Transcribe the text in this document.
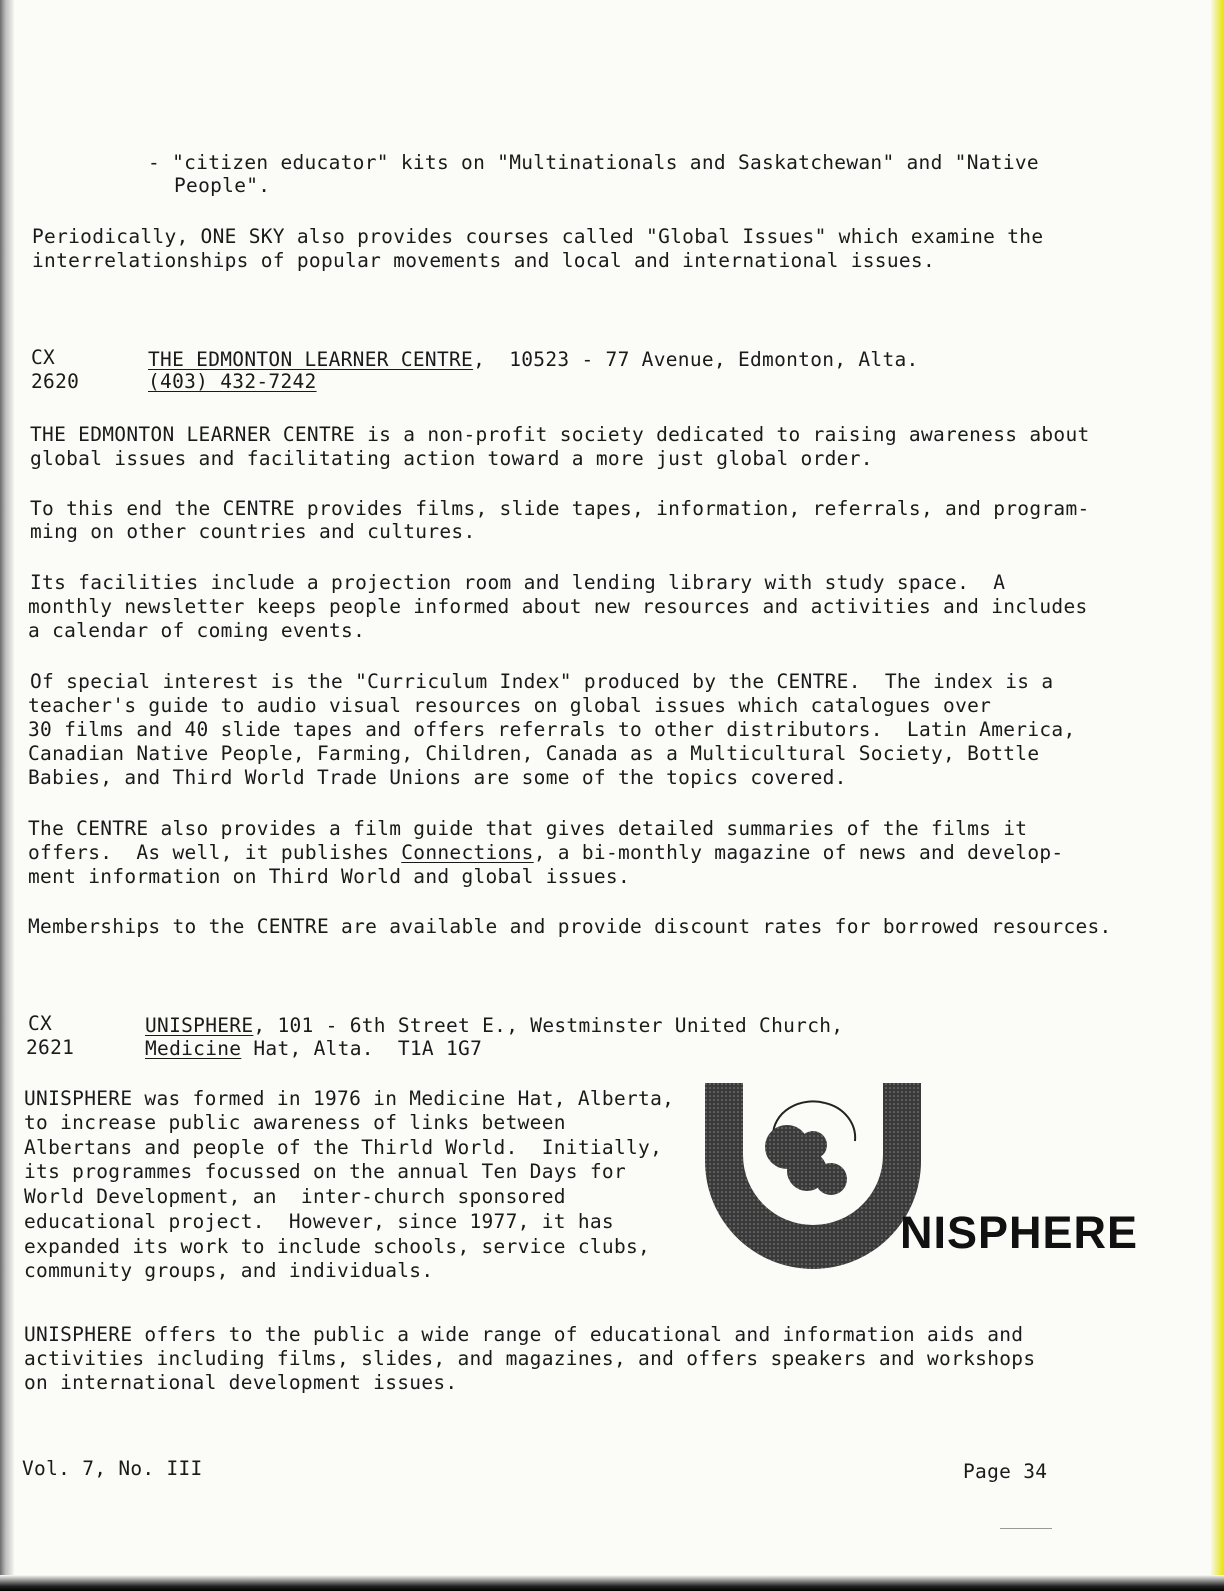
- "citizen educator" kits on "Multinationals and Saskatchewan" and "Native
People".
Periodically, ONE SKY also provides courses called "Global Issues" which examine the
interrelationships of popular movements and local and international issues.
CX
2620
THE EDMONTON LEARNER CENTRE,  10523 - 77 Avenue, Edmonton, Alta.
(403) 432-7242
THE EDMONTON LEARNER CENTRE is a non-profit society dedicated to raising awareness about
global issues and facilitating action toward a more just global order.
To this end the CENTRE provides films, slide tapes, information, referrals, and program-
ming on other countries and cultures.
Its facilities include a projection room and lending library with study space.  A
monthly newsletter keeps people informed about new resources and activities and includes
a calendar of coming events.
Of special interest is the "Curriculum Index" produced by the CENTRE.  The index is a
teacher's guide to audio visual resources on global issues which catalogues over
30 films and 40 slide tapes and offers referrals to other distributors.  Latin America,
Canadian Native People, Farming, Children, Canada as a Multicultural Society, Bottle
Babies, and Third World Trade Unions are some of the topics covered.
The CENTRE also provides a film guide that gives detailed summaries of the films it
offers.  As well, it publishes Connections, a bi-monthly magazine of news and develop-
ment information on Third World and global issues.
Memberships to the CENTRE are available and provide discount rates for borrowed resources.
CX
2621
UNISPHERE, 101 - 6th Street E., Westminster United Church,
Medicine Hat, Alta.  T1A 1G7
UNISPHERE was formed in 1976 in Medicine Hat, Alberta,
to increase public awareness of links between
Albertans and people of the Thirld World.  Initially,
its programmes focussed on the annual Ten Days for
World Development, an  inter-church sponsored
educational project.  However, since 1977, it has
expanded its work to include schools, service clubs,
community groups, and individuals.
NISPHERE
UNISPHERE offers to the public a wide range of educational and information aids and
activities including films, slides, and magazines, and offers speakers and workshops
on international development issues.
Vol. 7, No. III	Page 34
